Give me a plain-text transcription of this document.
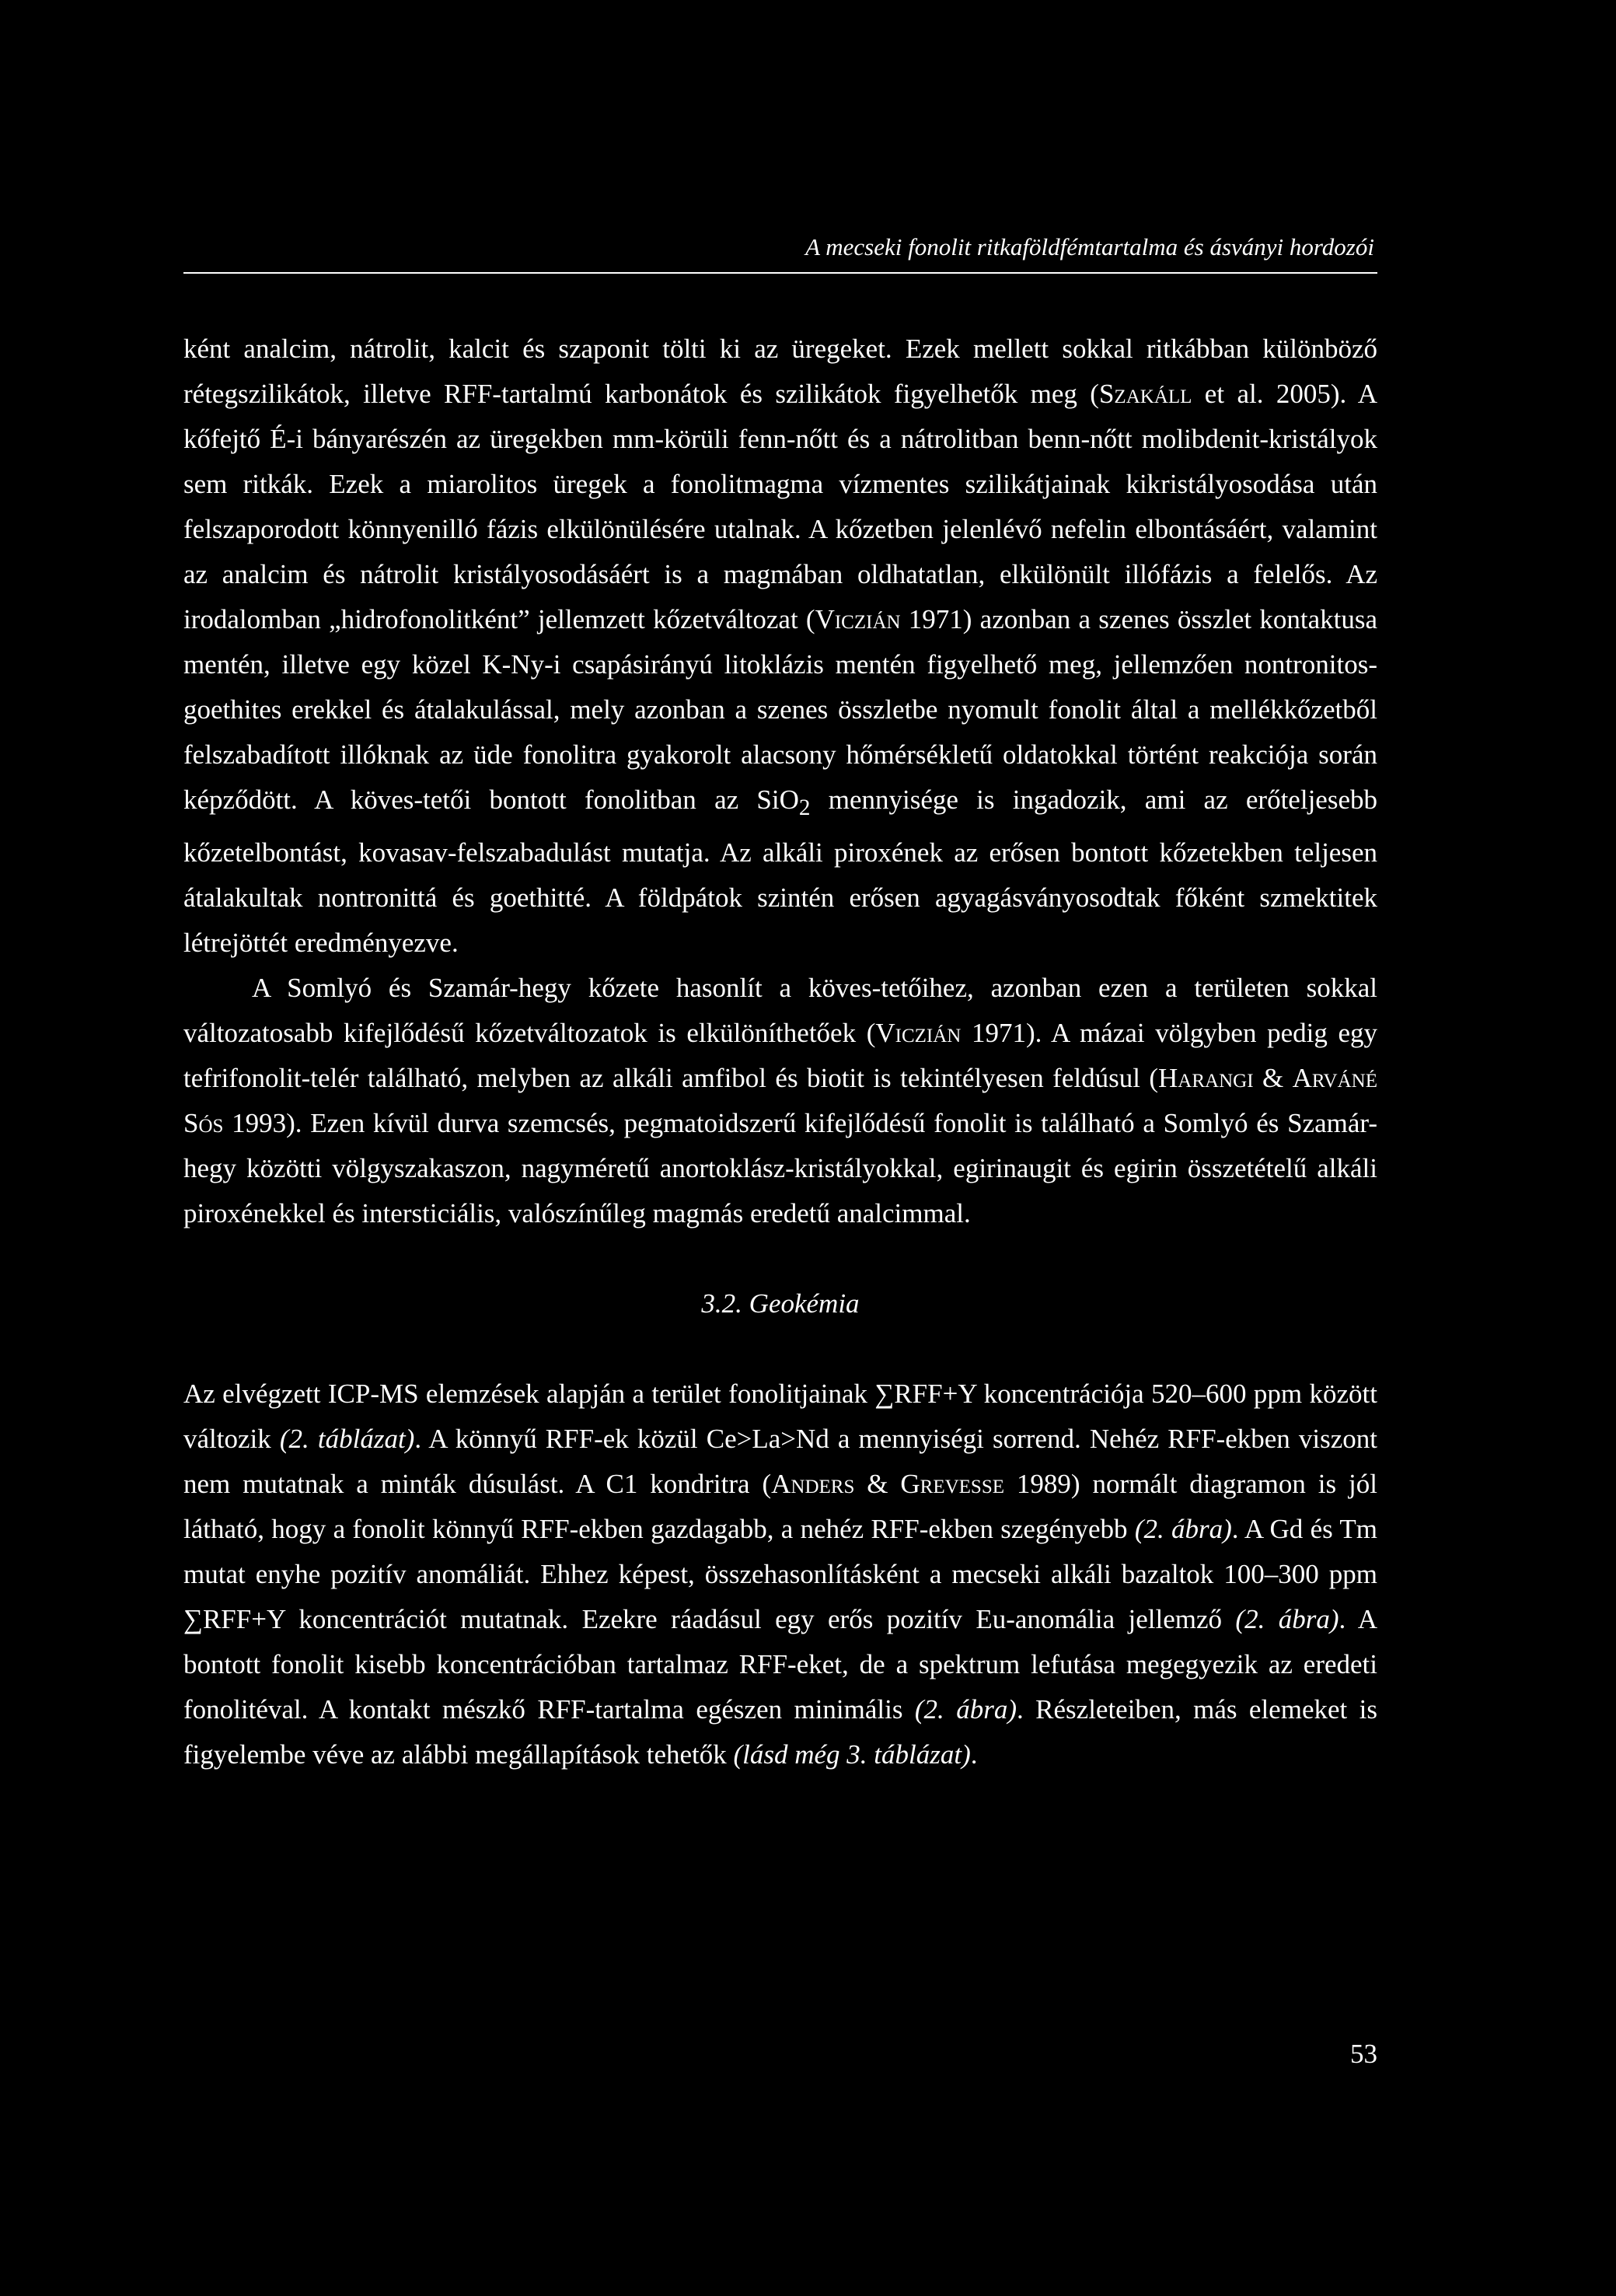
A mecseki fonolit ritkaföldfémtartalma és ásványi hordozói

ként analcim, nátrolit, kalcit és szaponit tölti ki az üregeket. Ezek mellett sokkal ritkábban különböző rétegszilikátok, illetve RFF-tartalmú karbonátok és szilikátok figyelhetők meg (Szakáll et al. 2005). A kőfejtő É-i bányarészén az üregekben mm-körüli fenn-nőtt és a nátrolitban benn-nőtt molibdenit-kristályok sem ritkák. Ezek a miarolitos üregek a fonolitmagma vízmentes szilikátjainak kikristályosodása után felszaporodott könnyenilló fázis elkülönülésére utalnak. A kőzetben jelenlévő nefelin elbontásáért, valamint az analcim és nátrolit kristályosodásáért is a magmában oldhatatlan, elkülönült illófázis a felelős. Az irodalomban „hidrofonolitként” jellemzett kőzetváltozat (Viczián 1971) azonban a szenes összlet kontaktusa mentén, illetve egy közel K-Ny-i csapásirányú litoklázis mentén figyelhető meg, jellemzően nontronitos-goethites erekkel és átalakulással, mely azonban a szenes összletbe nyomult fonolit által a mellékkőzetből felszabadított illóknak az üde fonolitra gyakorolt alacsony hőmérsékletű oldatokkal történt reakciója során képződött. A köves-tetői bontott fonolitban az SiO$_2$ mennyisége is ingadozik, ami az erőteljesebb kőzetelbontást, kovasav-felszabadulást mutatja. Az alkáli piroxének az erősen bontott kőzetekben teljesen átalakultak nontronittá és goethitté. A földpátok szintén erősen agyagásványosodtak főként szmektitek létrejöttét eredményezve.

A Somlyó és Szamár-hegy kőzete hasonlít a köves-tetőihez, azonban ezen a területen sokkal változatosabb kifejlődésű kőzetváltozatok is elkülöníthetőek (Viczián 1971). A mázai völgyben pedig egy tefrifonolit-telér található, melyben az alkáli amfibol és biotit is tekintélyesen feldúsul (Harangi & Arváné Sós 1993). Ezen kívül durva szemcsés, pegmatoidszerű kifejlődésű fonolit is található a Somlyó és Szamár-hegy közötti völgyszakaszon, nagyméretű anortoklász-kristályokkal, egirinaugit és egirin összetételű alkáli piroxénekkel és intersticiális, valószínűleg magmás eredetű analcimmal.

3.2. Geokémia

Az elvégzett ICP-MS elemzések alapján a terület fonolitjainak ∑RFF+Y koncentrációja 520–600 ppm között változik (2. táblázat). A könnyű RFF-ek közül Ce>La>Nd a mennyiségi sorrend. Nehéz RFF-ekben viszont nem mutatnak a minták dúsulást. A C1 kondritra (Anders & Grevesse 1989) normált diagramon is jól látható, hogy a fonolit könnyű RFF-ekben gazdagabb, a nehéz RFF-ekben szegényebb (2. ábra). A Gd és Tm mutat enyhe pozitív anomáliát. Ehhez képest, összehasonlításként a mecseki alkáli bazaltok 100–300 ppm ∑RFF+Y koncentrációt mutatnak. Ezekre ráadásul egy erős pozitív Eu-anomália jellemző (2. ábra). A bontott fonolit kisebb koncentrációban tartalmaz RFF-eket, de a spektrum lefutása megegyezik az eredeti fonolitéval. A kontakt mészkő RFF-tartalma egészen minimális (2. ábra). Részleteiben, más elemeket is figyelembe véve az alábbi megállapítások tehetők (lásd még 3. táblázat).

53
